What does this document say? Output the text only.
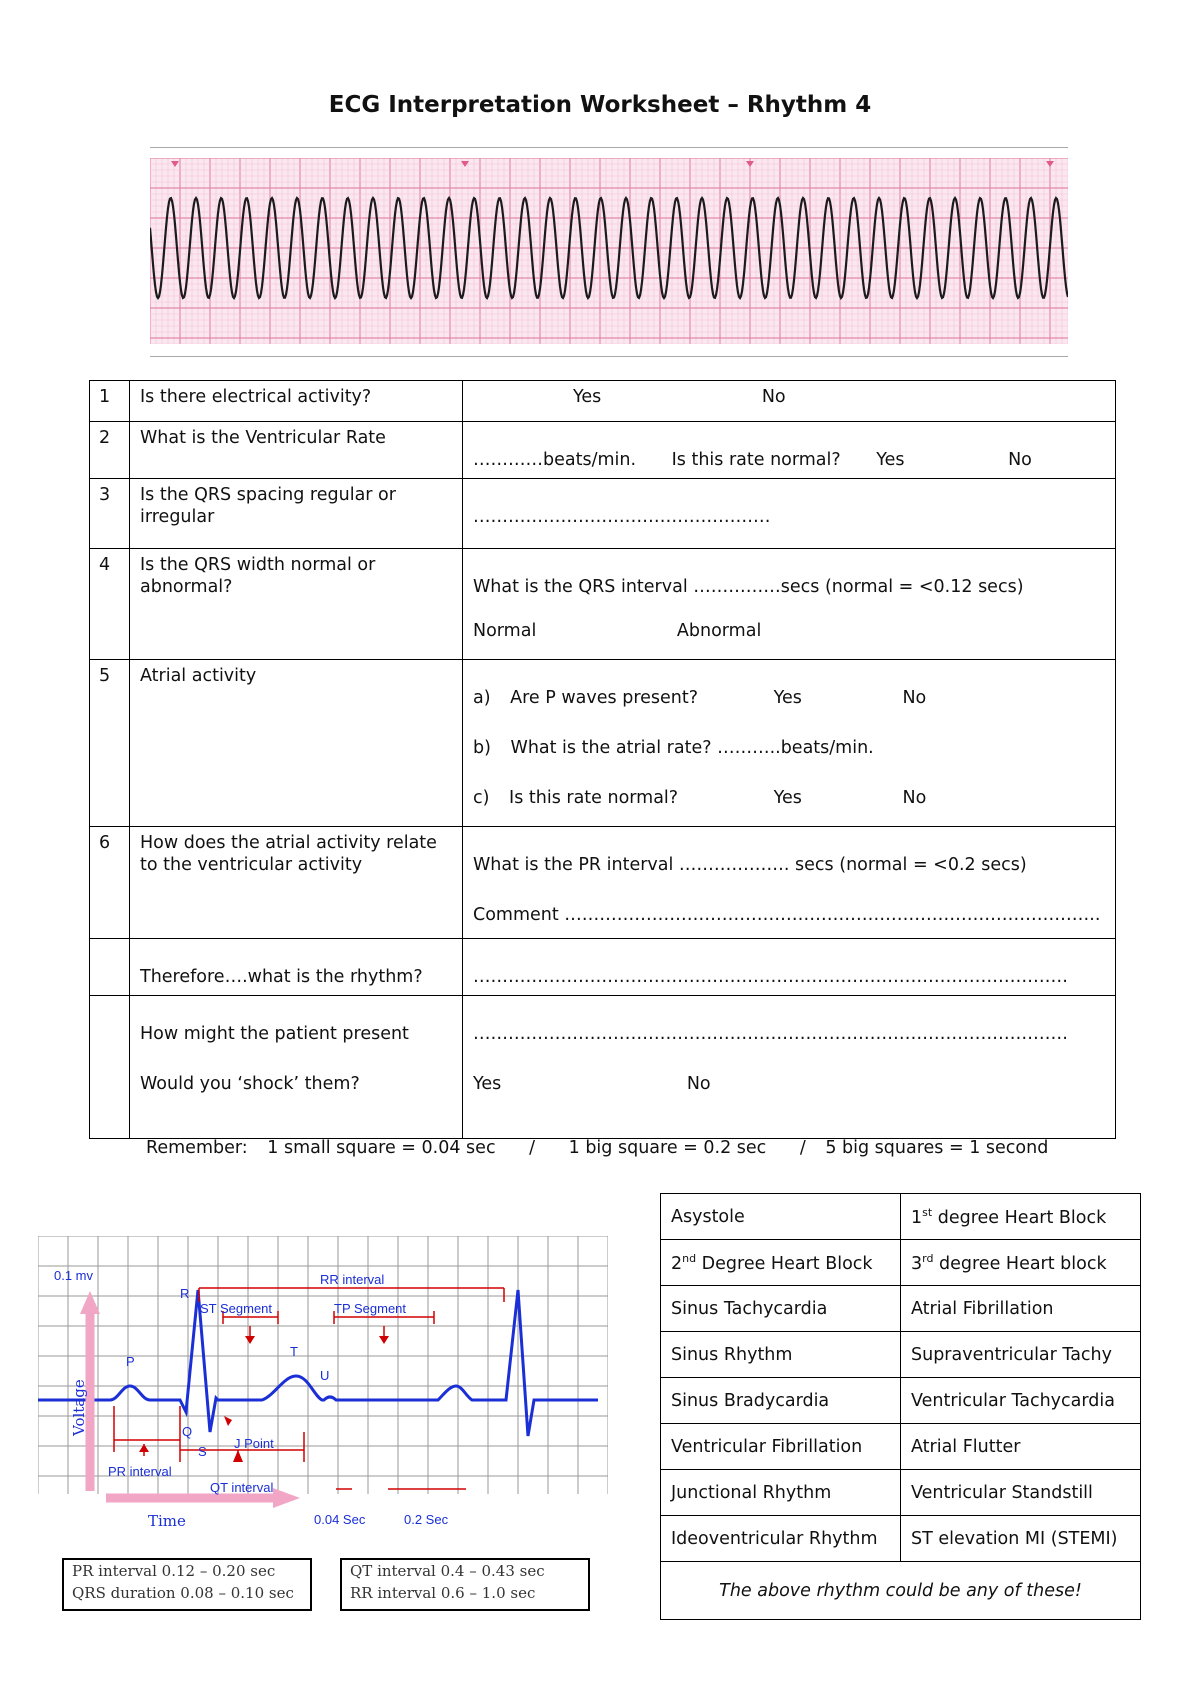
ECG Interpretation Worksheet – Rhythm 4
1	Is there electrical activity?	Yes No
2	What is the Ventricular Rate	…………beats/min. Is this rate normal? Yes No

3	Is the QRS spacing regular or
irregular	……………………………………………

4	Is the QRS width normal or
abnormal?	What is the QRS interval ……………secs (normal = <0.12 secs)
Normal Abnormal

5	Atrial activity	a) Are P waves present? Yes No
b) What is the atrial rate? ………..beats/min.
c) Is this rate normal? Yes No

6	How does the atrial activity relate
to the ventricular activity	What is the PR interval ………………. secs (normal = <0.2 secs)
Comment ………………………………………………………………………………..

	Therefore….what is the rhythm?	…………………………………………………………………………………………

	How might the patient present
Would you ‘shock’ them?	…………………………………………………………………………………………
Yes No
Remember: 1 small square = 0.04 sec / 1 big square = 0.2 sec / 5 big squares = 1 second
Asystole	1st degree Heart Block
2nd Degree Heart Block	3rd degree Heart block
Sinus Tachycardia	Atrial Fibrillation
Sinus Rhythm	Supraventricular Tachy
Sinus Bradycardia	Ventricular Tachycardia
Ventricular Fibrillation	Atrial Flutter
Junctional Rhythm	Ventricular Standstill
Ideoventricular Rhythm	ST elevation MI (STEMI)
The above rhythm could be any of these!	
0.1 mv	RR interval
R
ST Segment	TP Segment
T
P
U
Q
S
J Point
PR interval
QT interval
0.04 Sec	0.2 Sec
Time
Voltage
PR interval 0.12 – 0.20 sec
QRS duration 0.08 – 0.10 sec
QT interval 0.4 – 0.43 sec
RR interval 0.6 – 1.0 sec
